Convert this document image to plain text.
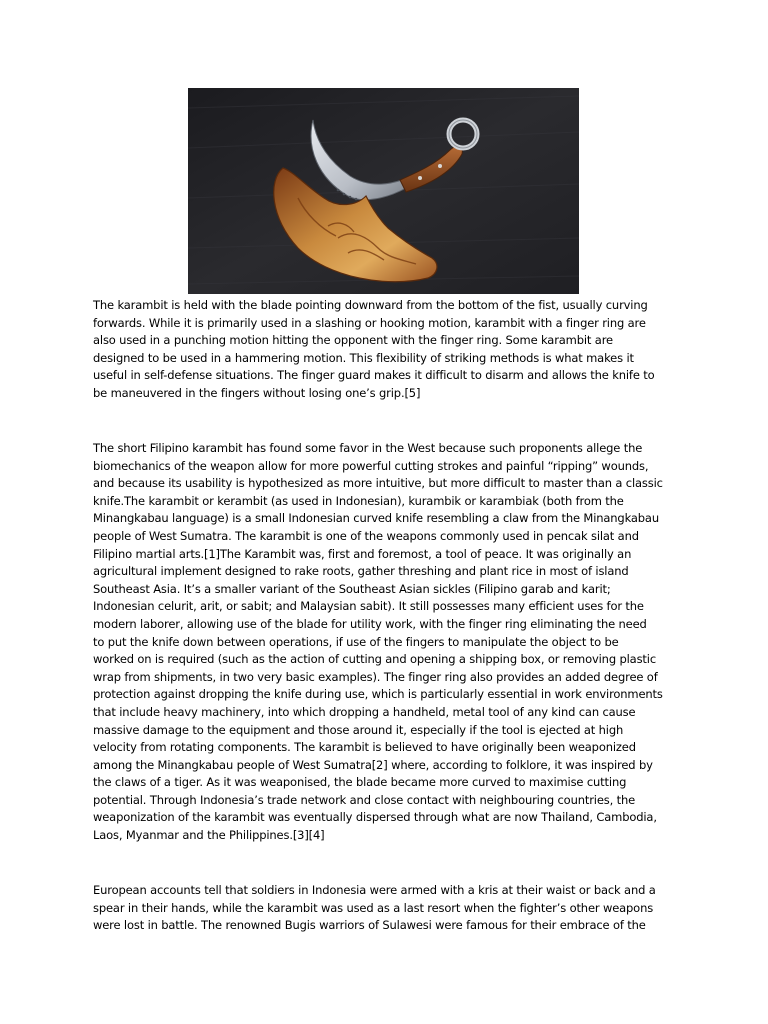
The karambit is held with the blade pointing downward from the bottom of the fist, usually curving

forwards. While it is primarily used in a slashing or hooking motion, karambit with a finger ring are

also used in a punching motion hitting the opponent with the finger ring. Some karambit are

designed to be used in a hammering motion. This flexibility of striking methods is what makes it

useful in self-defense situations. The finger guard makes it difficult to disarm and allows the knife to

be maneuvered in the fingers without losing one’s grip.[5]

The short Filipino karambit has found some favor in the West because such proponents allege the

biomechanics of the weapon allow for more powerful cutting strokes and painful “ripping” wounds,

and because its usability is hypothesized as more intuitive, but more difficult to master than a classic

knife.The karambit or kerambit (as used in Indonesian), kurambik or karambiak (both from the

Minangkabau language) is a small Indonesian curved knife resembling a claw from the Minangkabau

people of West Sumatra. The karambit is one of the weapons commonly used in pencak silat and

Filipino martial arts.[1]The Karambit was, first and foremost, a tool of peace. It was originally an

agricultural implement designed to rake roots, gather threshing and plant rice in most of island

Southeast Asia. It’s a smaller variant of the Southeast Asian sickles (Filipino garab and karit;

Indonesian celurit, arit, or sabit; and Malaysian sabit). It still possesses many efficient uses for the

modern laborer, allowing use of the blade for utility work, with the finger ring eliminating the need

to put the knife down between operations, if use of the fingers to manipulate the object to be

worked on is required (such as the action of cutting and opening a shipping box, or removing plastic

wrap from shipments, in two very basic examples). The finger ring also provides an added degree of

protection against dropping the knife during use, which is particularly essential in work environments

that include heavy machinery, into which dropping a handheld, metal tool of any kind can cause

massive damage to the equipment and those around it, especially if the tool is ejected at high

velocity from rotating components. The karambit is believed to have originally been weaponized

among the Minangkabau people of West Sumatra[2] where, according to folklore, it was inspired by

the claws of a tiger. As it was weaponised, the blade became more curved to maximise cutting

potential. Through Indonesia’s trade network and close contact with neighbouring countries, the

weaponization of the karambit was eventually dispersed through what are now Thailand, Cambodia,

Laos, Myanmar and the Philippines.[3][4]

European accounts tell that soldiers in Indonesia were armed with a kris at their waist or back and a

spear in their hands, while the karambit was used as a last resort when the fighter’s other weapons

were lost in battle. The renowned Bugis warriors of Sulawesi were famous for their embrace of the
